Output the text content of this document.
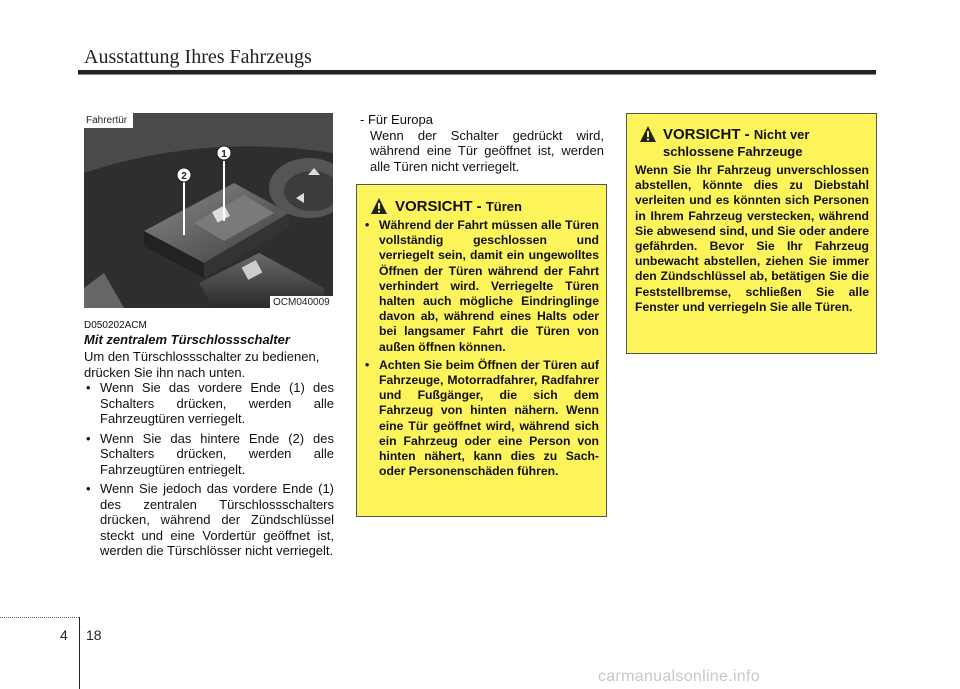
Ausstattung Ihres Fahrzeugs
2
1
Fahrertür
OCM040009
D050202ACM
Mit zentralem Türschlossschalter
Um den Türschlossschalter zu bedienen, drücken Sie ihn nach unten.
• Wenn Sie das vordere Ende (1) des Schalters drücken, werden alle Fahrzeugtüren verriegelt.
• Wenn Sie das hintere Ende (2) des Schalters drücken, werden alle Fahrzeugtüren entriegelt.
• Wenn Sie jedoch das vordere Ende (1) des zentralen Türschlossschalters drücken, während der Zündschlüssel steckt und eine Vordertür geöffnet ist, werden die Türschlösser nicht verriegelt.
- Für Europa
Wenn der Schalter gedrückt wird, während eine Tür geöffnet ist, werden alle Türen nicht verriegelt.
VORSICHT - Türen
• Während der Fahrt müssen alle Türen vollständig geschlossen und verriegelt sein, damit ein ungewolltes Öffnen der Türen während der Fahrt verhindert wird. Verriegelte Türen halten auch mögliche Eindringlinge davon ab, während eines Halts oder bei langsamer Fahrt die Türen von außen öffnen können.
• Achten Sie beim Öffnen der Türen auf Fahrzeuge, Motorradfahrer, Radfahrer und Fußgänger, die sich dem Fahrzeug von hinten nähern. Wenn eine Tür geöffnet wird, während sich ein Fahrzeug oder eine Person von hinten nähert, kann dies zu Sach- oder Personenschäden führen.
VORSICHT - Nicht ver schlossene Fahrzeuge
Wenn Sie Ihr Fahrzeug unverschlossen abstellen, könnte dies zu Diebstahl verleiten und es könnten sich Personen in Ihrem Fahrzeug verstecken, während Sie abwesend sind, und Sie oder andere gefährden. Bevor Sie Ihr Fahrzeug unbewacht abstellen, ziehen Sie immer den Zündschlüssel ab, betätigen Sie die Feststellbremse, schließen Sie alle Fenster und verriegeln Sie alle Türen.
4 18
carmanualsonline.info
